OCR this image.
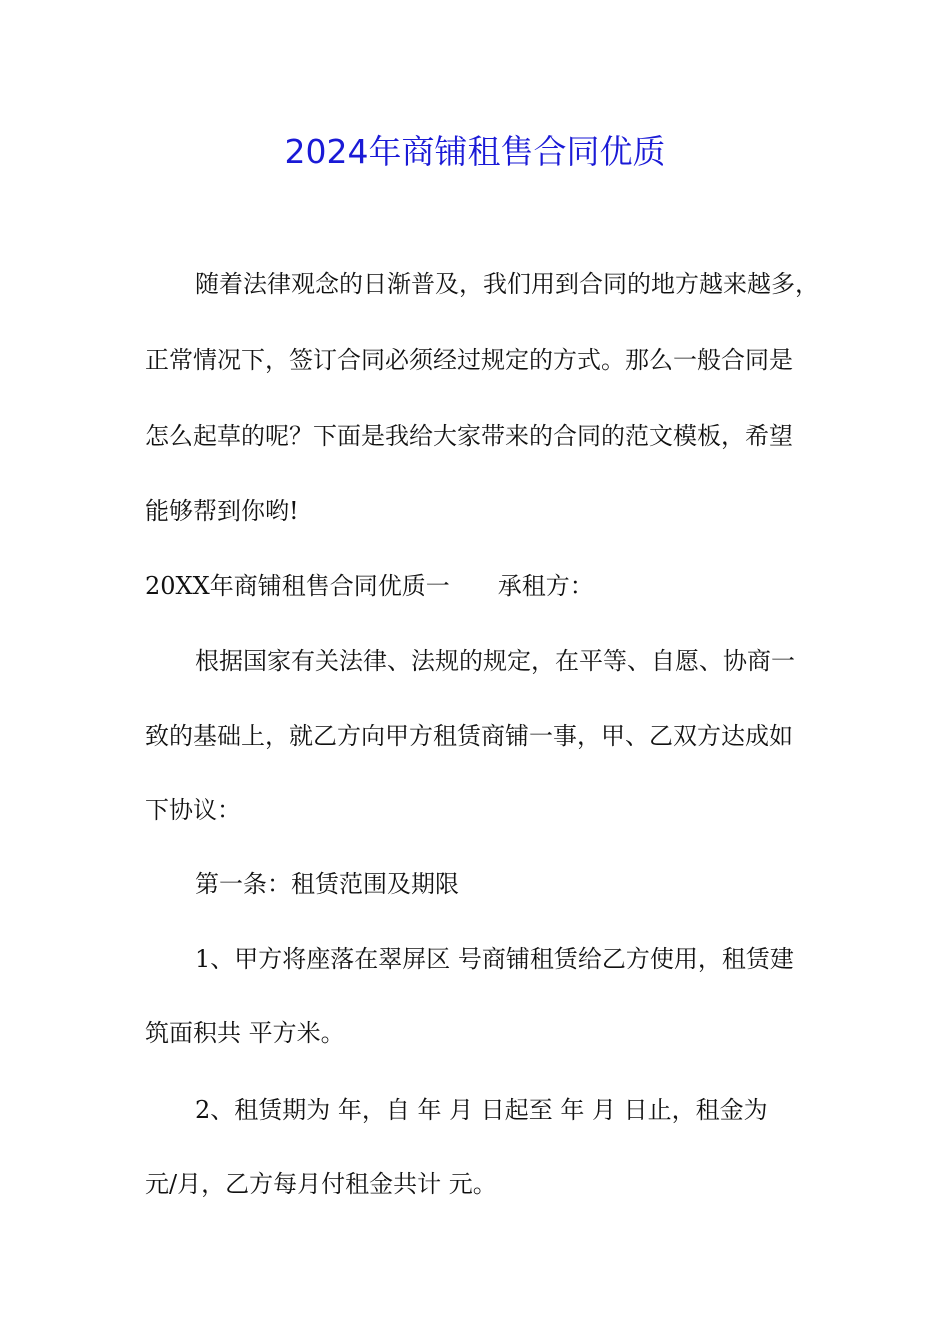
2024年商铺租售合同优质

随着法律观念的日渐普及，我们用到合同的地方越来越多，

正常情况下，签订合同必须经过规定的方式。那么一般合同是

怎么起草的呢？下面是我给大家带来的合同的范文模板，希望

能够帮到你哟!

20XX年商铺租售合同优质一 承租方：

根据国家有关法律、法规的规定，在平等、自愿、协商一

致的基础上，就乙方向甲方租赁商铺一事，甲、乙双方达成如

下协议：

第一条：租赁范围及期限

1、甲方将座落在翠屏区 号商铺租赁给乙方使用，租赁建

筑面积共 平方米。

2、租赁期为 年，自 年 月 日起至 年 月 日止，租金为

元/月，乙方每月付租金共计 元。
